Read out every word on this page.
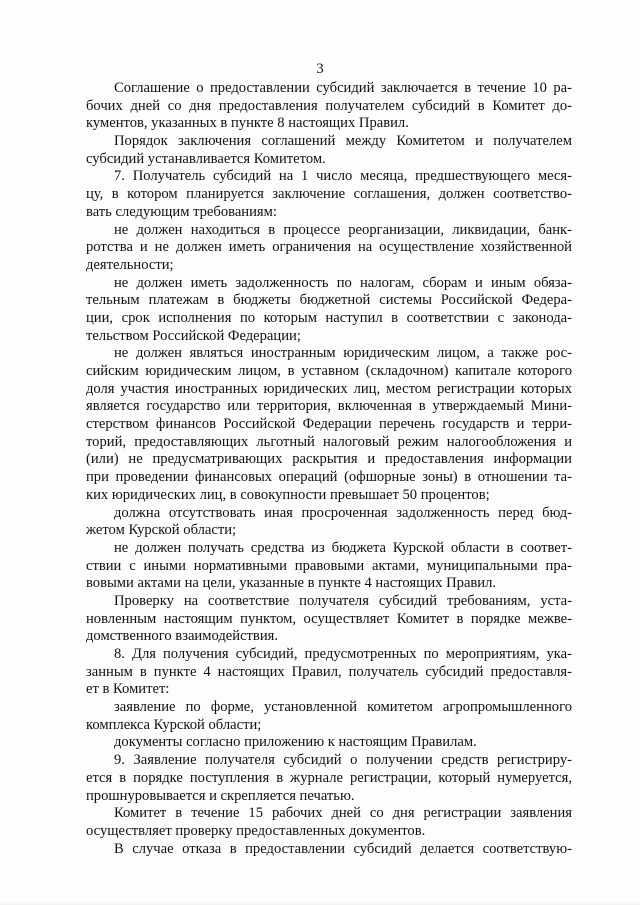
3
Соглашение о предоставлении субсидий заключается в течение 10 ра-
бочих дней со дня предоставления получателем субсидий в Комитет до-
кументов, указанных в пункте 8 настоящих Правил.
Порядок заключения соглашений между Комитетом и получателем
субсидий устанавливается Комитетом.
7. Получатель субсидий на 1 число месяца, предшествующего меся-
цу, в котором планируется заключение соглашения, должен соответство-
вать следующим требованиям:
не должен находиться в процессе реорганизации, ликвидации, банк-
ротства и не должен иметь ограничения на осуществление хозяйственной
деятельности;
не должен иметь задолженность по налогам, сборам и иным обяза-
тельным платежам в бюджеты бюджетной системы Российской Федера-
ции, срок исполнения по которым наступил в соответствии с законода-
тельством Российской Федерации;
не должен являться иностранным юридическим лицом, а также рос-
сийским юридическим лицом, в уставном (складочном) капитале которого
доля участия иностранных юридических лиц, местом регистрации которых
является государство или территория, включенная в утверждаемый Мини-
стерством финансов Российской Федерации перечень государств и терри-
торий, предоставляющих льготный налоговый режим налогообложения и
(или) не предусматривающих раскрытия и предоставления информации
при проведении финансовых операций (офшорные зоны) в отношении та-
ких юридических лиц, в совокупности превышает 50 процентов;
должна отсутствовать иная просроченная задолженность перед бюд-
жетом Курской области;
не должен получать средства из бюджета Курской области в соответ-
ствии с иными нормативными правовыми актами, муниципальными пра-
вовыми актами на цели, указанные в пункте 4 настоящих Правил.
Проверку на соответствие получателя субсидий требованиям, уста-
новленным настоящим пунктом, осуществляет Комитет в порядке межве-
домственного взаимодействия.
8. Для получения субсидий, предусмотренных по мероприятиям, ука-
занным в пункте 4 настоящих Правил, получатель субсидий предоставля-
ет в Комитет:
заявление по форме, установленной комитетом агропромышленного
комплекса Курской области;
документы согласно приложению к настоящим Правилам.
9. Заявление получателя субсидий о получении средств регистриру-
ется в порядке поступления в журнале регистрации, который нумеруется,
прошнуровывается и скрепляется печатью.
Комитет в течение 15 рабочих дней со дня регистрации заявления
осуществляет проверку предоставленных документов.
В случае отказа в предоставлении субсидий делается соответствую-
